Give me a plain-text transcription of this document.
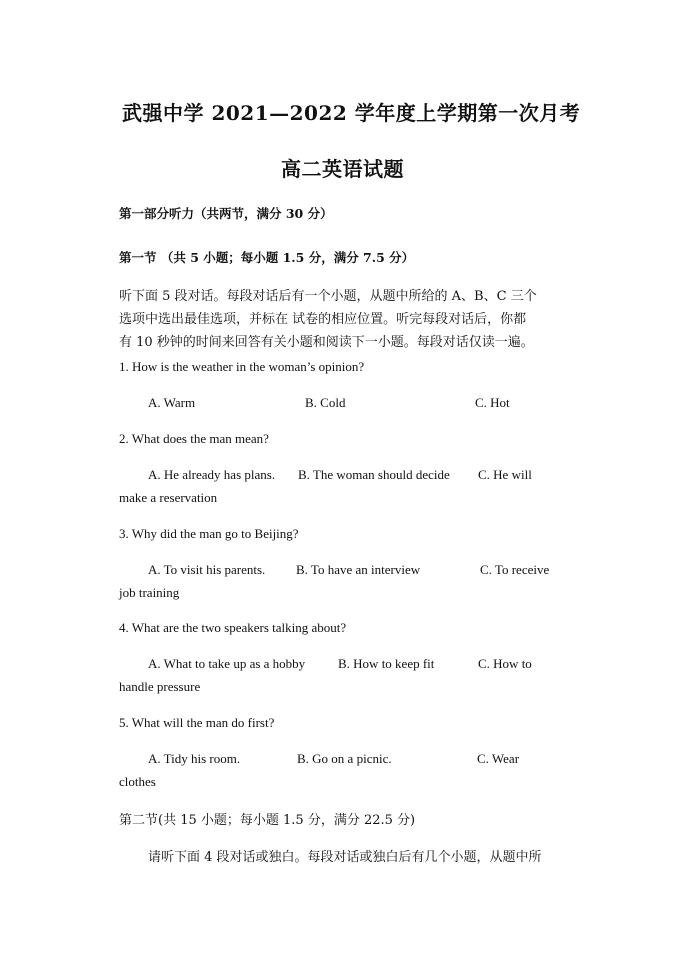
武强中学 2021—2022 学年度上学期第一次月考
高二英语试题
第一部分听力（共两节，满分 30 分）
第一节 （共 5 小题；每小题 1.5 分，满分 7.5 分）
听下面 5 段对话。每段对话后有一个小题，从题中所给的 A、B、C 三个
选项中选出最佳选项，并标在 试卷的相应位置。听完每段对话后，你都
有 10 秒钟的时间来回答有关小题和阅读下一小题。每段对话仅读一遍。
1. How is the weather in the woman’s opinion?
A. Warm	B. Cold	C. Hot
2. What does the man mean?
A. He already has plans. B. The woman should decide C. He will
make a reservation
3. Why did the man go to Beijing?
A. To visit his parents. B. To have an interview	C. To receive
job training
4. What are the two speakers talking about?
A. What to take up as a hobby	B. How to keep fit	C. How to
handle pressure
5. What will the man do first?
A. Tidy his room.	B. Go on a picnic.	C. Wear
clothes
第二节(共 15 小题；每小题 1.5 分，满分 22.5 分)
请听下面 4 段对话或独白。每段对话或独白后有几个小题，从题中所
